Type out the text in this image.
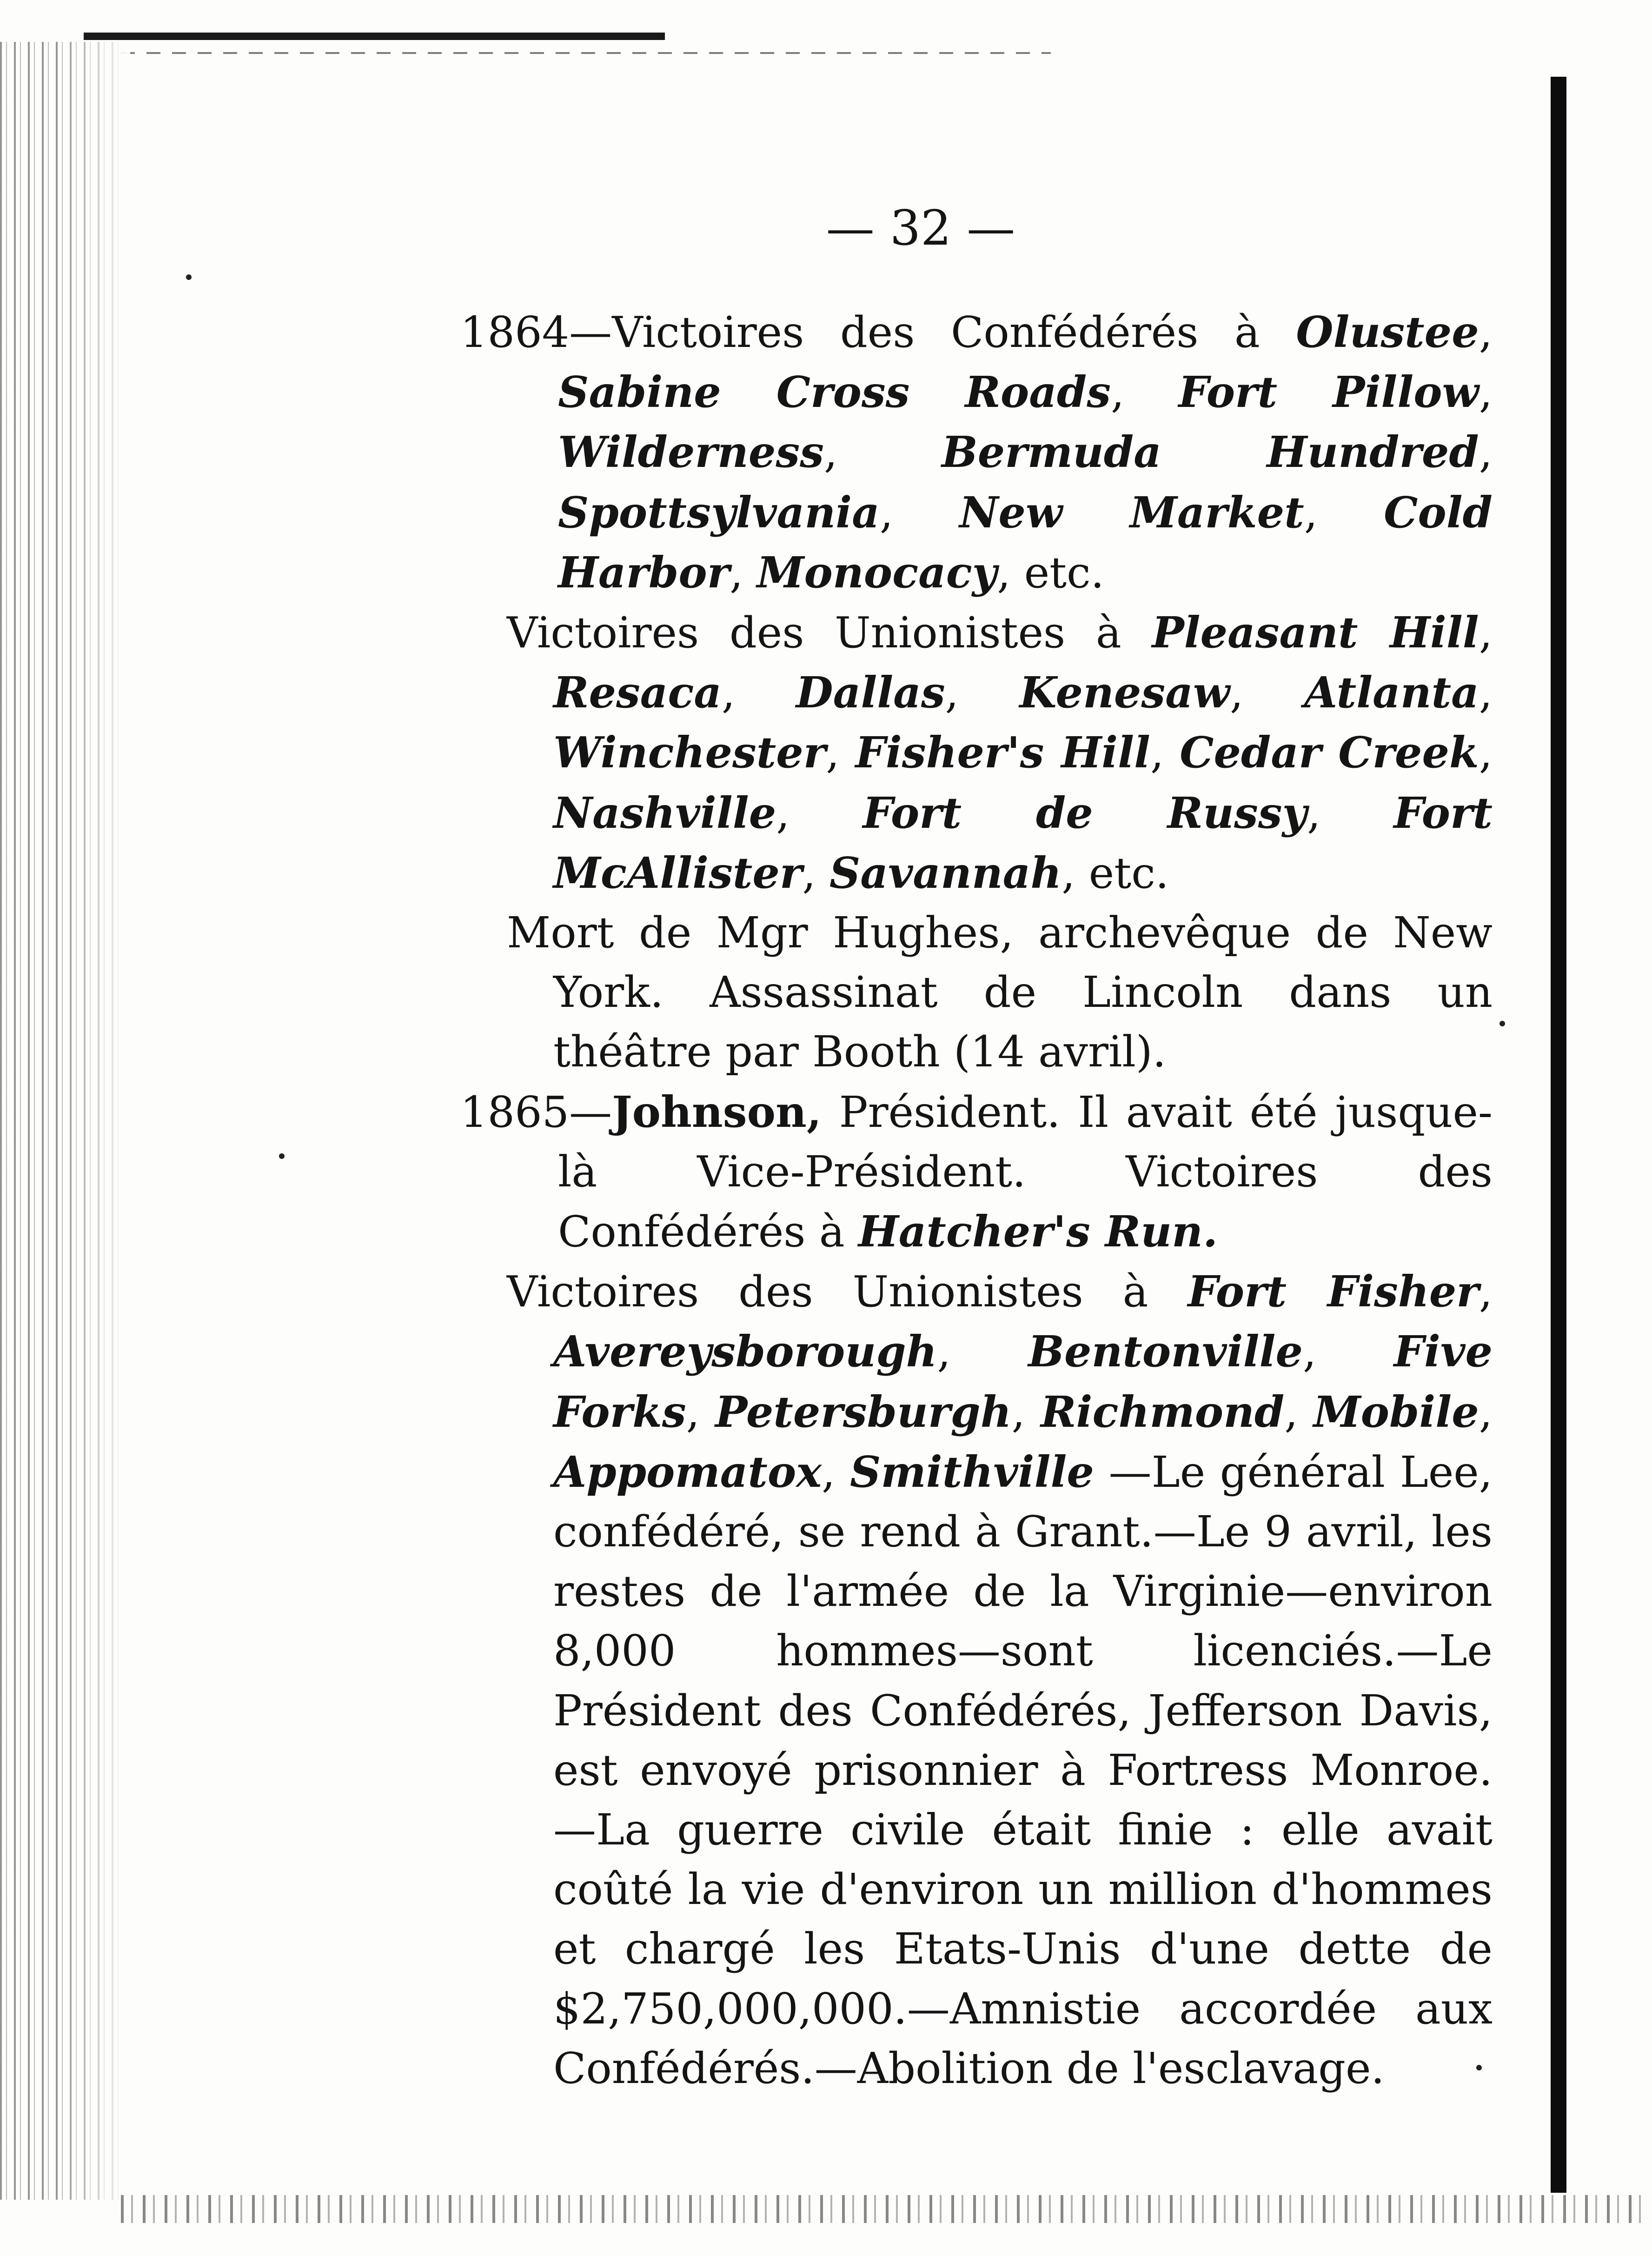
— 32 —

1864—Victoires des Confédérés à Olustee, Sabine Cross Roads, Fort Pillow, Wilderness, Bermuda Hundred, Spottsylvania, New Market, Cold Harbor, Monocacy, etc.

Victoires des Unionistes à Pleasant Hill, Resaca, Dallas, Kenesaw, Atlanta, Winchester, Fisher's Hill, Cedar Creek, Nashville, Fort de Russy, Fort McAllister, Savannah, etc.

Mort de Mgr Hughes, archevêque de New York. Assassinat de Lincoln dans un théâtre par Booth (14 avril).

1865—Johnson, Président. Il avait été jusque-là Vice-Président. Victoires des Confédérés à Hatcher's Run.

Victoires des Unionistes à Fort Fisher, Avereysborough, Bentonville, Five Forks, Petersburgh, Richmond, Mobile, Appomatox, Smithville —Le général Lee, confédéré, se rend à Grant.—Le 9 avril, les restes de l'armée de la Virginie—environ 8,000 hommes—sont licenciés.—Le Président des Confédérés, Jefferson Davis, est envoyé prisonnier à Fortress Monroe.—La guerre civile était finie : elle avait coûté la vie d'environ un million d'hommes et chargé les Etats-Unis d'une dette de $2,750,000,000.—Amnistie accordée aux Confédérés.—Abolition de l'esclavage.
